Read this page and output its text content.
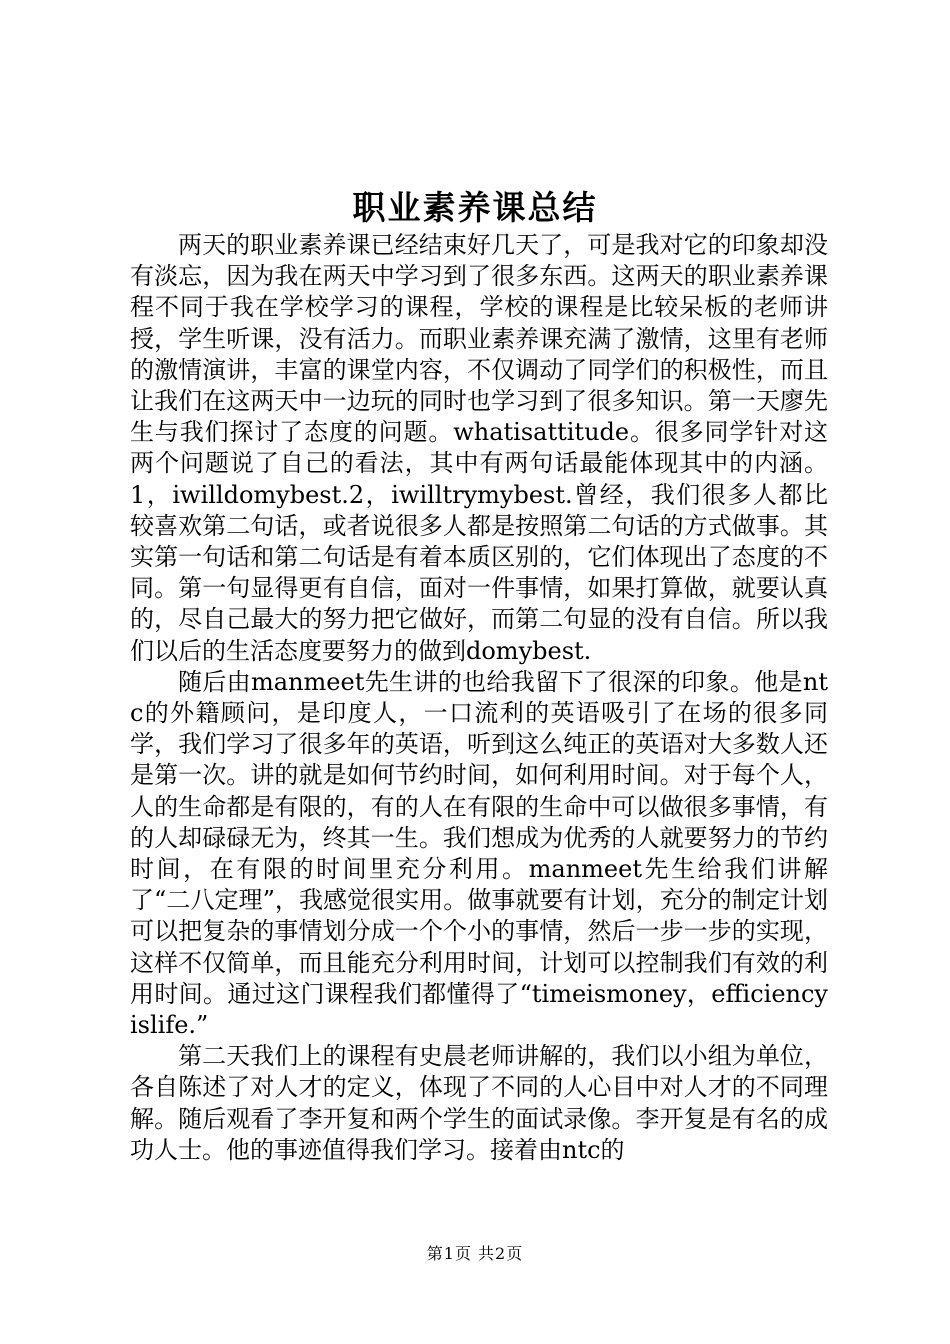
职业素养课总结

两天的职业素养课已经结束好几天了，可是我对它的印象却没有淡忘，因为我在两天中学习到了很多东西。这两天的职业素养课程不同于我在学校学习的课程，学校的课程是比较呆板的老师讲授，学生听课，没有活力。而职业素养课充满了激情，这里有老师的激情演讲，丰富的课堂内容，不仅调动了同学们的积极性，而且让我们在这两天中一边玩的同时也学习到了很多知识。第一天廖先生与我们探讨了态度的问题。whatisattitude。很多同学针对这两个问题说了自己的看法，其中有两句话最能体现其中的内涵。1，iwilldomybest.2，iwilltrymybest.曾经，我们很多人都比较喜欢第二句话，或者说很多人都是按照第二句话的方式做事。其实第一句话和第二句话是有着本质区别的，它们体现出了态度的不同。第一句显得更有自信，面对一件事情，如果打算做，就要认真的，尽自己最大的努力把它做好，而第二句显的没有自信。所以我们以后的生活态度要努力的做到domybest.

随后由manmeet先生讲的也给我留下了很深的印象。他是ntc的外籍顾问，是印度人，一口流利的英语吸引了在场的很多同学，我们学习了很多年的英语，听到这么纯正的英语对大多数人还是第一次。讲的就是如何节约时间，如何利用时间。对于每个人，人的生命都是有限的，有的人在有限的生命中可以做很多事情，有的人却碌碌无为，终其一生。我们想成为优秀的人就要努力的节约时间，在有限的时间里充分利用。manmeet先生给我们讲解了“二八定理”，我感觉很实用。做事就要有计划，充分的制定计划可以把复杂的事情划分成一个个小的事情，然后一步一步的实现，这样不仅简单，而且能充分利用时间，计划可以控制我们有效的利用时间。通过这门课程我们都懂得了“timeismoney，efficiencyislife.”

第二天我们上的课程有史晨老师讲解的，我们以小组为单位，各自陈述了对人才的定义，体现了不同的人心目中对人才的不同理解。随后观看了李开复和两个学生的面试录像。李开复是有名的成功人士。他的事迹值得我们学习。接着由ntc的

第1页 共2页
